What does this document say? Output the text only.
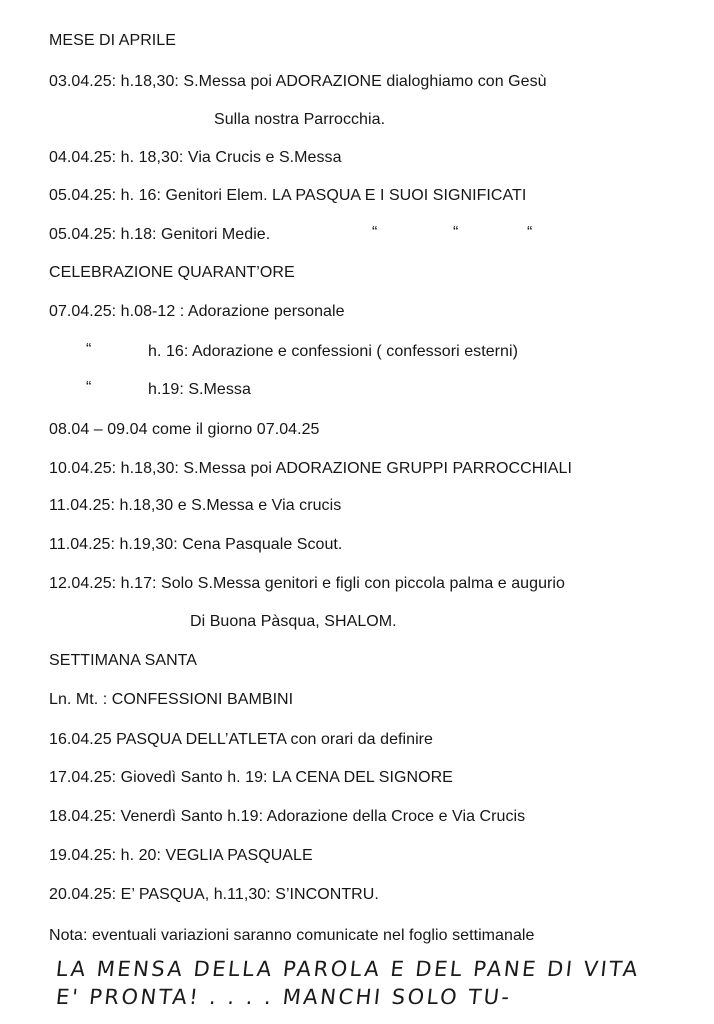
MESE DI APRILE
03.04.25: h.18,30: S.Messa poi ADORAZIONE dialoghiamo con Gesù
Sulla nostra Parrocchia.
04.04.25: h. 18,30: Via Crucis e S.Messa
05.04.25: h. 16: Genitori Elem. LA PASQUA E I SUOI SIGNIFICATI
05.04.25: h.18: Genitori Medie.	“	“	“
CELEBRAZIONE QUARANT’ORE
07.04.25: h.08-12 : Adorazione personale
“	h. 16: Adorazione e confessioni ( confessori esterni)
“	h.19: S.Messa
08.04 – 09.04 come il giorno 07.04.25
10.04.25: h.18,30: S.Messa poi ADORAZIONE GRUPPI PARROCCHIALI
11.04.25: h.18,30 e S.Messa e Via crucis
11.04.25: h.19,30: Cena Pasquale Scout.
12.04.25: h.17: Solo S.Messa genitori e figli con piccola palma e augurio
Di Buona Pàsqua, SHALOM.
SETTIMANA SANTA
Ln. Mt. : CONFESSIONI BAMBINI
16.04.25 PASQUA DELL’ATLETA con orari da definire
17.04.25: Giovedì Santo h. 19: LA CENA DEL SIGNORE
18.04.25: Venerdì Santo h.19: Adorazione della Croce e Via Crucis
19.04.25: h. 20: VEGLIA PASQUALE
20.04.25: E’ PASQUA, h.11,30: S’INCONTRU.
Nota: eventuali variazioni saranno comunicate nel foglio settimanale
LA MENSA DELLA PAROLA E DEL PANE DI VITA
E' PRONTA! . . . . MANCHI SOLO TU-
